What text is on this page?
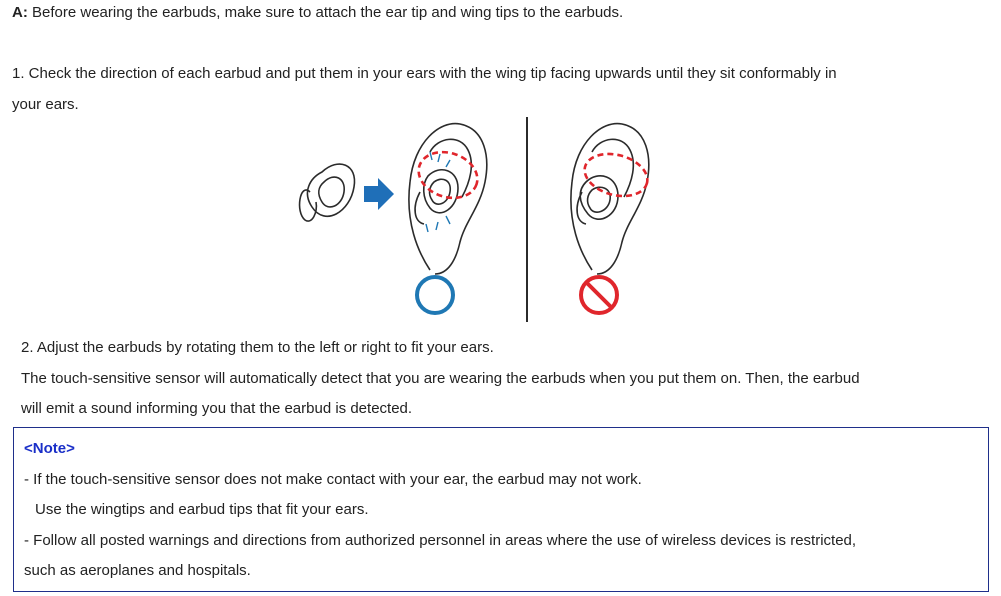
A: Before wearing the earbuds, make sure to attach the ear tip and wing tips to the earbuds.
1. Check the direction of each earbud and put them in your ears with the wing tip facing upwards until they sit conformably in
your ears.
2. Adjust the earbuds by rotating them to the left or right to fit your ears.
The touch-sensitive sensor will automatically detect that you are wearing the earbuds when you put them on. Then, the earbud
will emit a sound informing you that the earbud is detected.
<Note>
- If the touch-sensitive sensor does not make contact with your ear, the earbud may not work.
Use the wingtips and earbud tips that fit your ears.
- Follow all posted warnings and directions from authorized personnel in areas where the use of wireless devices is restricted,
such as aeroplanes and hospitals.
